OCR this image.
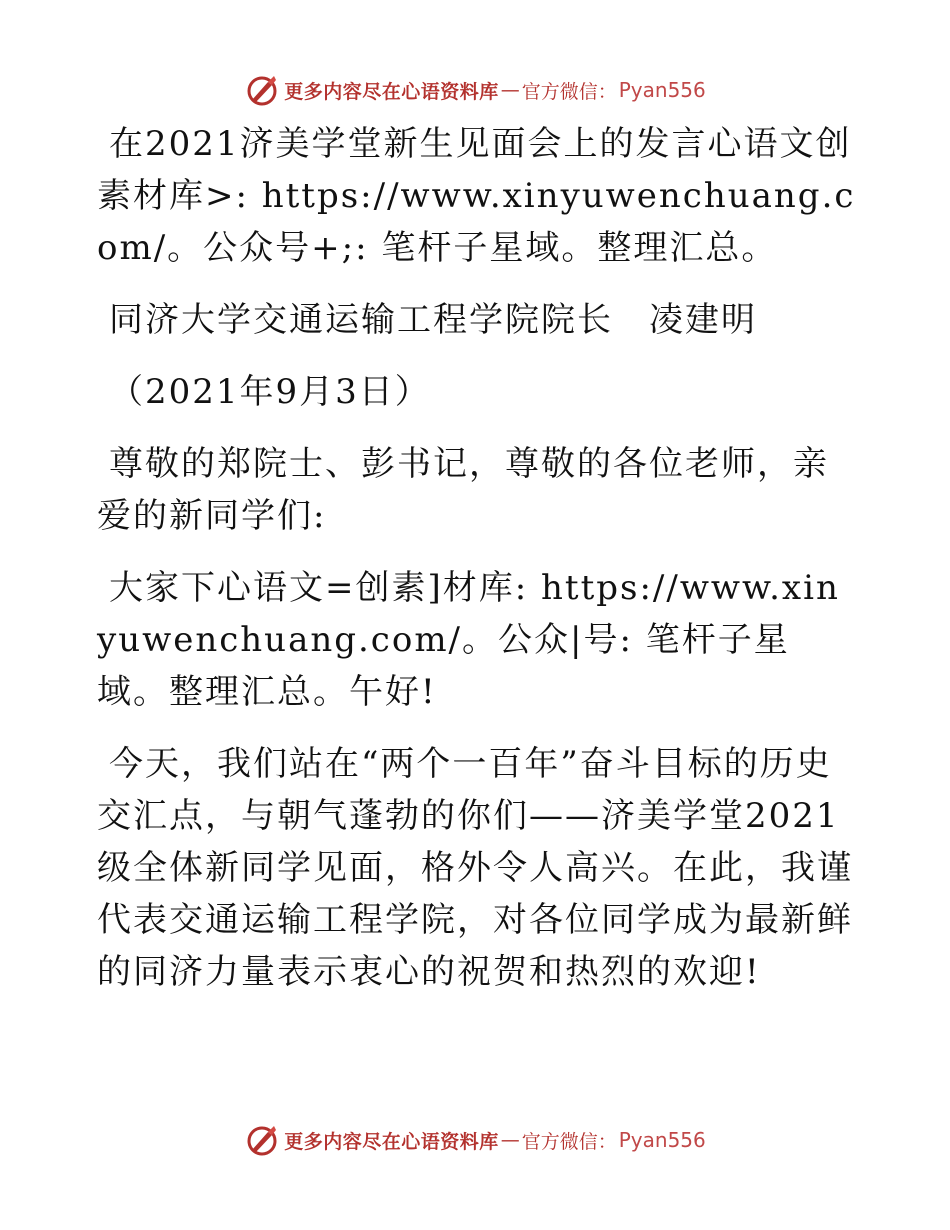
更多内容尽在心语资料库 — 官方微信： Pyan556

在2021济美学堂新生见面会上的发言心语文创素材库>: https://www.xinyuwenchuang.com/。公众号+;: 笔杆子星域。整理汇总。

同济大学交通运输工程学院院长　凌建明

（2021年9月3日）

尊敬的郑院士、彭书记，尊敬的各位老师，亲爱的新同学们:

大家下心语文=创素]材库: https://www.xinyuwenchuang.com/。公众|号: 笔杆子星域。整理汇总。午好!

今天，我们站在“两个一百年”奋斗目标的历史交汇点，与朝气蓬勃的你们——济美学堂2021级全体新同学见面，格外令人高兴。在此，我谨代表交通运输工程学院，对各位同学成为最新鲜的同济力量表示衷心的祝贺和热烈的欢迎!

更多内容尽在心语资料库 — 官方微信： Pyan556
